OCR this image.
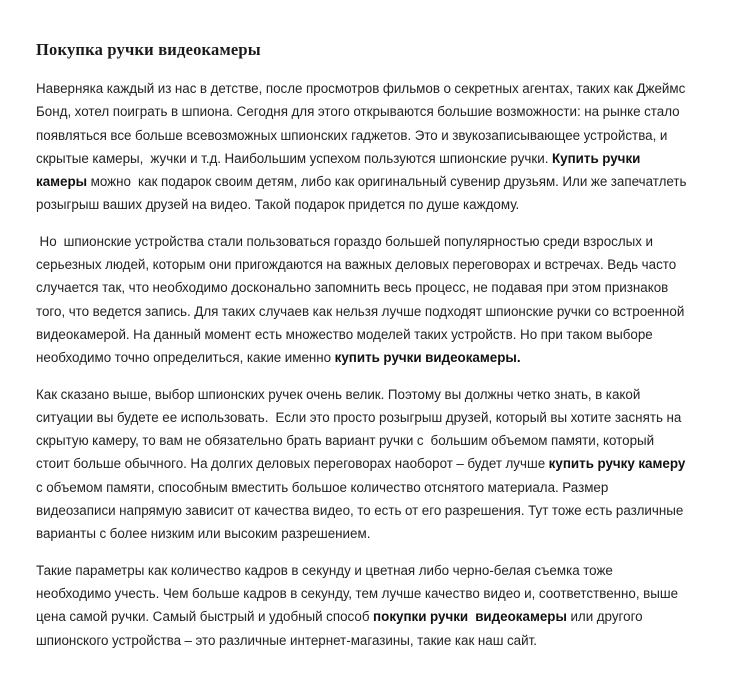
Покупка ручки видеокамеры

Наверняка каждый из нас в детстве, после просмотров фильмов о секретных агентах, таких как Джеймс Бонд, хотел поиграть в шпиона. Сегодня для этого открываются большие возможности: на рынке стало появляться все больше всевозможных шпионских гаджетов. Это и звукозаписывающее устройства, и скрытые камеры,  жучки и т.д. Наибольшим успехом пользуются шпионские ручки. Купить ручки камеры можно  как подарок своим детям, либо как оригинальный сувенир друзьям. Или же запечатлеть розыгрыш ваших друзей на видео. Такой подарок придется по душе каждому.

Но  шпионские устройства стали пользоваться гораздо большей популярностью среди взрослых и серьезных людей, которым они пригождаются на важных деловых переговорах и встречах. Ведь часто случается так, что необходимо досконально запомнить весь процесс, не подавая при этом признаков того, что ведется запись. Для таких случаев как нельзя лучше подходят шпионские ручки со встроенной видеокамерой. На данный момент есть множество моделей таких устройств. Но при таком выборе необходимо точно определиться, какие именно купить ручки видеокамеры.

Как сказано выше, выбор шпионских ручек очень велик. Поэтому вы должны четко знать, в какой ситуации вы будете ее использовать.  Если это просто розыгрыш друзей, который вы хотите заснять на скрытую камеру, то вам не обязательно брать вариант ручки с  большим объемом памяти, который стоит больше обычного. На долгих деловых переговорах наоборот – будет лучше купить ручку камеру с объемом памяти, способным вместить большое количество отснятого материала. Размер видеозаписи напрямую зависит от качества видео, то есть от его разрешения. Тут тоже есть различные варианты с более низким или высоким разрешением.

Такие параметры как количество кадров в секунду и цветная либо черно-белая съемка тоже необходимо учесть. Чем больше кадров в секунду, тем лучше качество видео и, соответственно, выше цена самой ручки. Самый быстрый и удобный способ покупки ручки  видеокамеры или другого шпионского устройства – это различные интернет-магазины, такие как наш сайт.
